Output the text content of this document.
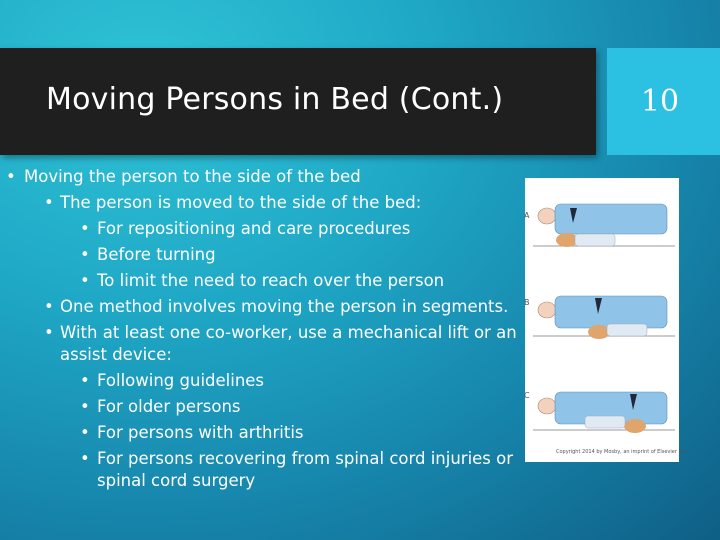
Moving Persons in Bed (Cont.)	10
• Moving the person to the side of the bed
• The person is moved to the side of the bed:
• For repositioning and care procedures
• Before turning
• To limit the need to reach over the person
• One method involves moving the person in segments.
• With at least one co-worker, use a mechanical lift or an assist device:
• Following guidelines
• For older persons
• For persons with arthritis
• For persons recovering from spinal cord injuries or spinal cord surgery
A
B
C
Copyright 2014 by Mosby, an imprint of Elsevier Inc.
